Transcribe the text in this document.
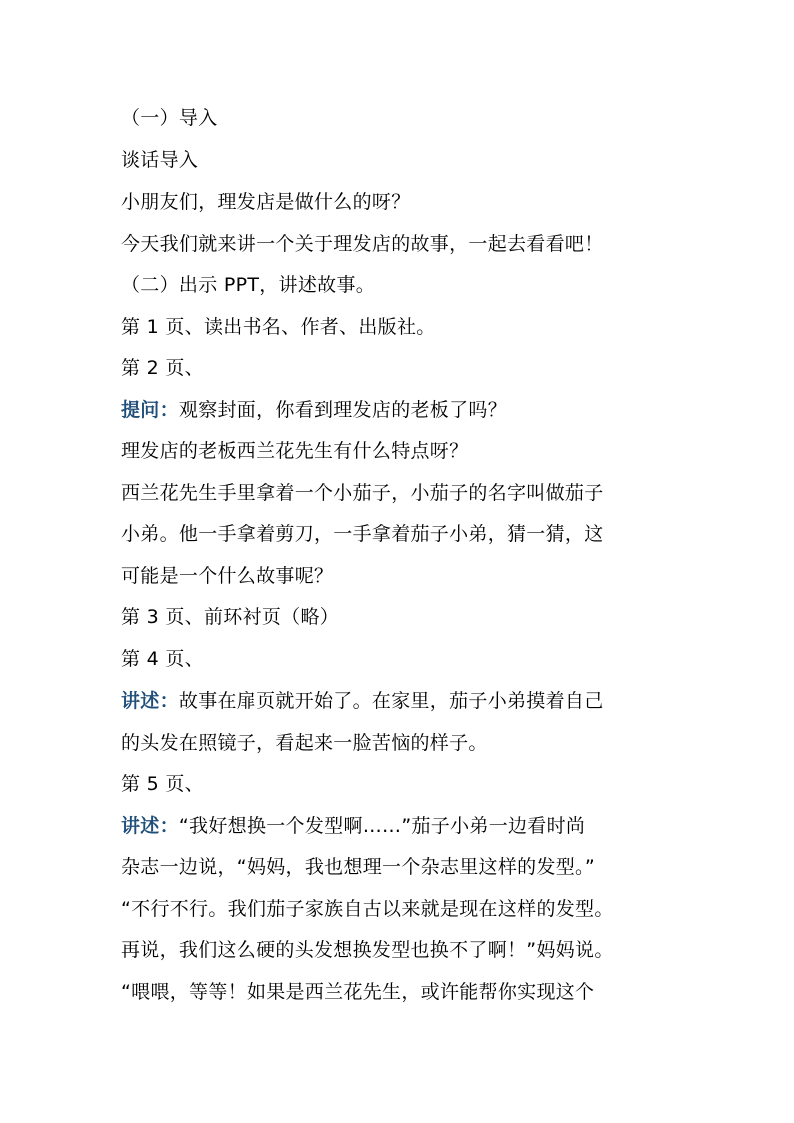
（一）导入
谈话导入
小朋友们，理发店是做什么的呀？
今天我们就来讲一个关于理发店的故事，一起去看看吧！
（二）出示 PPT，讲述故事。
第 1 页、读出书名、作者、出版社。
第 2 页、
提问：观察封面，你看到理发店的老板了吗？
理发店的老板西兰花先生有什么特点呀？
西兰花先生手里拿着一个小茄子，小茄子的名字叫做茄子
小弟。他一手拿着剪刀，一手拿着茄子小弟，猜一猜，这
可能是一个什么故事呢？
第 3 页、前环衬页（略）
第 4 页、
讲述：故事在扉页就开始了。在家里，茄子小弟摸着自己
的头发在照镜子，看起来一脸苦恼的样子。
第 5 页、
讲述：“我好想换一个发型啊……”茄子小弟一边看时尚
杂志一边说，“妈妈，我也想理一个杂志里这样的发型。”
“不行不行。我们茄子家族自古以来就是现在这样的发型。
再说，我们这么硬的头发想换发型也换不了啊！”妈妈说。
“喂喂，等等！如果是西兰花先生，或许能帮你实现这个
